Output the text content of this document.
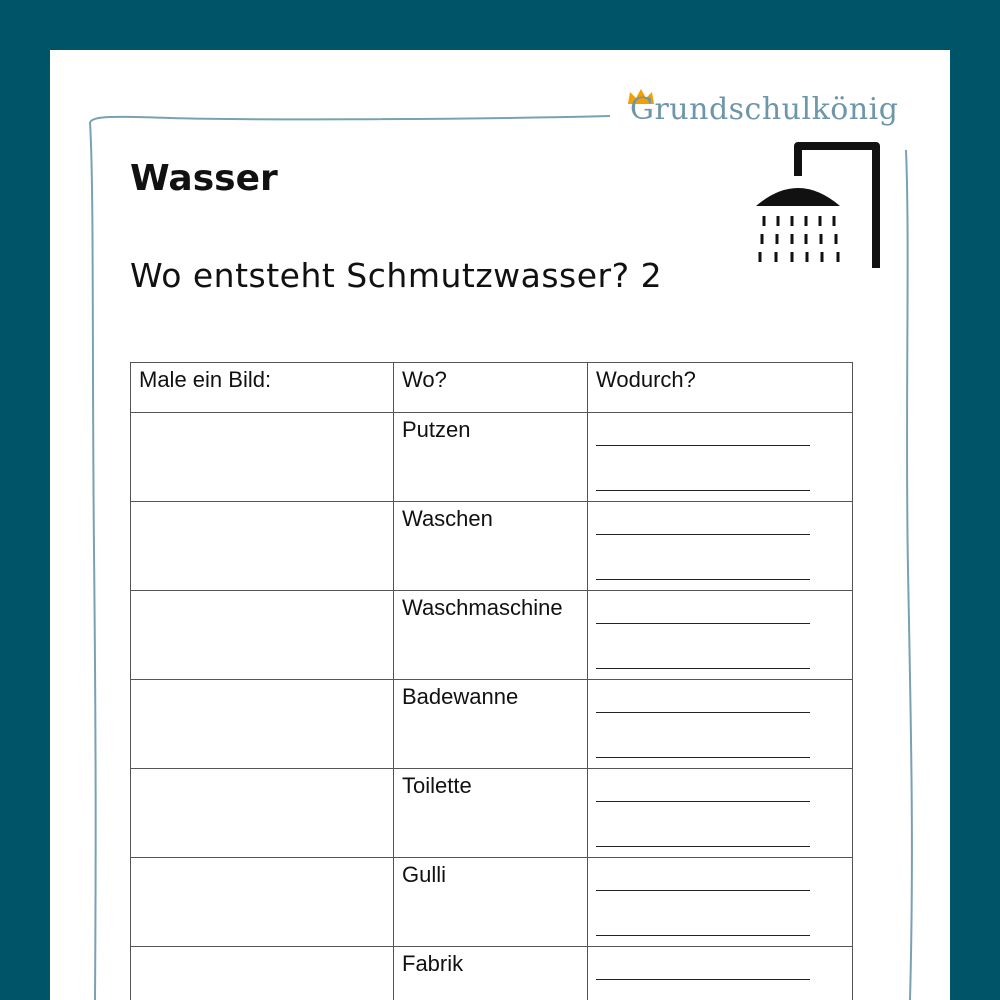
Grundschulkönig
Wasser
Wo entsteht Schmutzwasser? 2
Male ein Bild:	Wo?	Wodurch?
	Putzen	

	Waschen	

	Waschmaschine	

	Badewanne	

	Toilette	

	Gulli	

	Fabrik	
